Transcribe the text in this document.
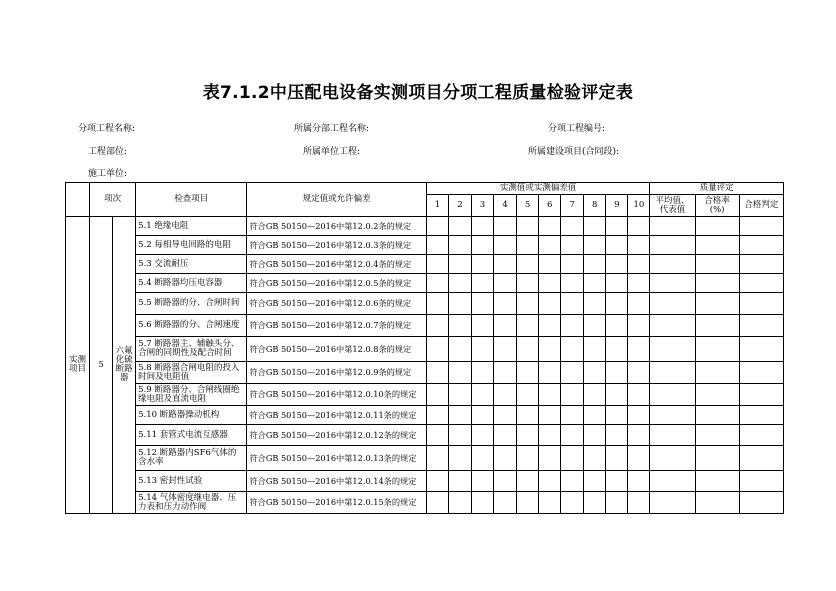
表7.1.2中压配电设备实测项目分项工程质量检验评定表
分项工程名称:	所属分部工程名称:	分项工程编号:
工程部位:	所属单位工程:	所属建设项目(合同段):
施工单位:
	项次		检查项目	规定值或允许偏差	实测值或实测偏差值										质量评定		
					1	2	3	4	5	6	7	8	9	10	平均值、代表值	合格率(%)	合格判定

实测项目	5	六氟化硫断路器	5.1 绝缘电阻	符合GB 50150—2016中第12.0.2条的规定													
			5.2 每相导电回路的电阻	符合GB 50150—2016中第12.0.3条的规定													
			5.3 交流耐压	符合GB 50150—2016中第12.0.4条的规定													
			5.4 断路器均压电容器	符合GB 50150—2016中第12.0.5条的规定													
			5.5 断路器的分、合闸时间	符合GB 50150—2016中第12.0.6条的规定													
			5.6 断路器的分、合闸速度	符合GB 50150—2016中第12.0.7条的规定													
			5.7 断路器主、辅触头分、合闸的同期性及配合时间	符合GB 50150—2016中第12.0.8条的规定													
			5.8 断路器合闸电阻的投入时间及电阻值	符合GB 50150—2016中第12.0.9条的规定													
			5.9 断路器分、合闸线圈绝缘电阻及直流电阻	符合GB 50150—2016中第12.0.10条的规定													
			5.10 断路器操动机构	符合GB 50150—2016中第12.0.11条的规定													
			5.11 套管式电流互感器	符合GB 50150—2016中第12.0.12条的规定													
			5.12 断路器内SF6气体的含水率	符合GB 50150—2016中第12.0.13条的规定													
			5.13 密封性试验	符合GB 50150—2016中第12.0.14条的规定													
			5.14 气体密度继电器、压力表和压力动作阀	符合GB 50150—2016中第12.0.15条的规定													
